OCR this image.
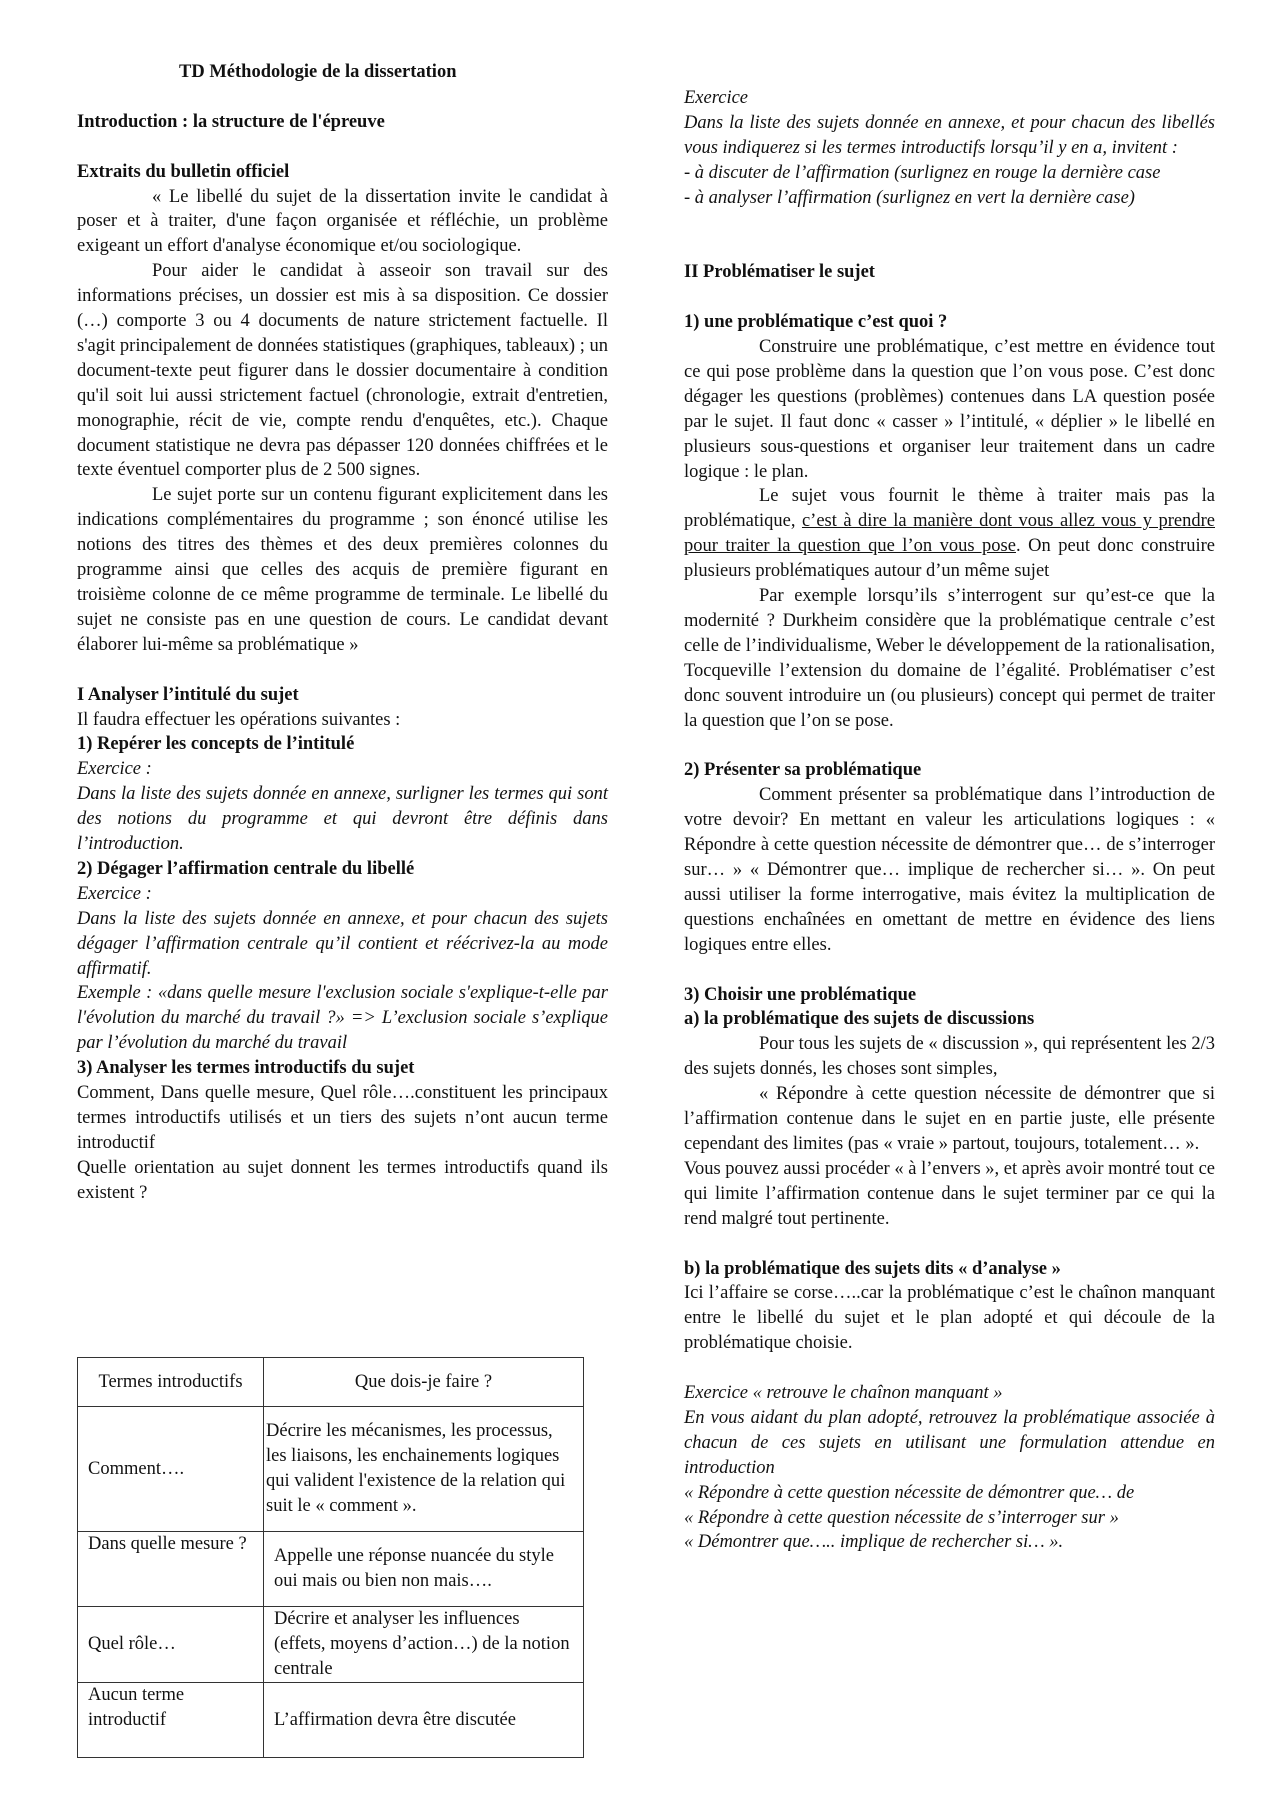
TD Méthodologie de la dissertation

Introduction : la structure de l'épreuve

Extraits du bulletin officiel

« Le libellé du sujet de la dissertation invite le candidat à poser et à traiter, d'une façon organisée et réfléchie, un problème exigeant un effort d'analyse économique et/ou sociologique.

Pour aider le candidat à asseoir son travail sur des informations précises, un dossier est mis à sa disposition. Ce dossier (…) comporte 3 ou 4 documents de nature strictement factuelle. Il s'agit principalement de données statistiques (graphiques, tableaux) ; un document-texte peut figurer dans le dossier documentaire à condition qu'il soit lui aussi strictement factuel (chronologie, extrait d'entretien, monographie, récit de vie, compte rendu d'enquêtes, etc.). Chaque document statistique ne devra pas dépasser 120 données chiffrées et le texte éventuel comporter plus de 2 500 signes.

Le sujet porte sur un contenu figurant explicitement dans les indications complémentaires du programme ; son énoncé utilise les notions des titres des thèmes et des deux premières colonnes du programme ainsi que celles des acquis de première figurant en troisième colonne de ce même programme de terminale. Le libellé du sujet ne consiste pas en une question de cours. Le candidat devant élaborer lui-même sa problématique »

I Analyser l’intitulé du sujet

Il faudra effectuer les opérations suivantes :

1) Repérer les concepts de l’intitulé

Exercice :

Dans la liste des sujets donnée en annexe, surligner les termes qui sont des notions du programme et qui devront être définis dans l’introduction.

2) Dégager l’affirmation centrale du libellé

Exercice :

Dans la liste des sujets donnée en annexe, et pour chacun des sujets dégager l’affirmation centrale qu’il contient et réécrivez-la au mode affirmatif.

Exemple : «dans quelle mesure l'exclusion sociale s'explique-t-elle par l'évolution du marché du travail ?» => L’exclusion sociale s’explique par l’évolution du marché du travail

3) Analyser les termes introductifs du sujet

Comment, Dans quelle mesure, Quel rôle….constituent les principaux termes introductifs utilisés et un tiers des sujets n’ont aucun terme introductif

Quelle orientation au sujet donnent les termes introductifs quand ils existent ?

Exercice

Dans la liste des sujets donnée en annexe, et pour chacun des libellés vous indiquerez si les termes introductifs lorsqu’il y en a, invitent :

- à discuter de l’affirmation (surlignez en rouge la dernière case

- à analyser l’affirmation (surlignez en vert la dernière case)

II Problématiser le sujet

1) une problématique c’est quoi ?

Construire une problématique, c’est mettre en évidence tout ce qui pose problème dans la question que l’on vous pose. C’est donc dégager les questions (problèmes) contenues dans LA question posée par le sujet. Il faut donc « casser » l’intitulé, « déplier » le libellé en plusieurs sous-questions et organiser leur traitement dans un cadre logique : le plan.

Le sujet vous fournit le thème à traiter mais pas la problématique, c’est à dire la manière dont vous allez vous y prendre pour traiter la question que l’on vous pose. On peut donc construire plusieurs problématiques autour d’un même sujet

Par exemple lorsqu’ils s’interrogent sur qu’est-ce que la modernité ? Durkheim considère que la problématique centrale c’est celle de l’individualisme, Weber le développement de la rationalisation, Tocqueville l’extension du domaine de l’égalité. Problématiser c’est donc souvent introduire un (ou plusieurs) concept qui permet de traiter la question que l’on se pose.

2) Présenter sa problématique

Comment présenter sa problématique dans l’introduction de votre devoir? En mettant en valeur les articulations logiques : « Répondre à cette question nécessite de démontrer que… de s’interroger sur… » « Démontrer que… implique de rechercher si… ». On peut aussi utiliser la forme interrogative, mais évitez la multiplication de questions enchaînées en omettant de mettre en évidence des liens logiques entre elles.

3) Choisir une problématique

a) la problématique des sujets de discussions

Pour tous les sujets de « discussion », qui représentent les 2/3 des sujets donnés, les choses sont simples,

« Répondre à cette question nécessite de démontrer que si l’affirmation contenue dans le sujet en en partie juste, elle présente cependant des limites (pas « vraie » partout, toujours, totalement… ».

Vous pouvez aussi procéder « à l’envers », et après avoir montré tout ce qui limite l’affirmation contenue dans le sujet terminer par ce qui la rend malgré tout pertinente.

b) la problématique des sujets dits « d’analyse »

Ici l’affaire se corse…..car la problématique c’est le chaînon manquant entre le libellé du sujet et le plan adopté et qui découle de la problématique choisie.

Exercice « retrouve le chaînon manquant »

En vous aidant du plan adopté, retrouvez la problématique associée à chacun de ces sujets en utilisant une formulation attendue en introduction

« Répondre à cette question nécessite de démontrer que… de

« Répondre à cette question nécessite de s’interroger sur »

« Démontrer que….. implique de rechercher si… ».

Termes introductifs	Que dois-je faire ?
Comment….	Décrire les mécanismes, les processus, les liaisons, les enchainements logiques qui valident l'existence de la relation qui suit le « comment ».
Dans quelle mesure ?	Appelle une réponse nuancée du style oui mais ou bien non mais….
Quel rôle…	Décrire et analyser les influences (effets, moyens d’action…) de la notion centrale
Aucun terme introductif	L’affirmation devra être discutée
